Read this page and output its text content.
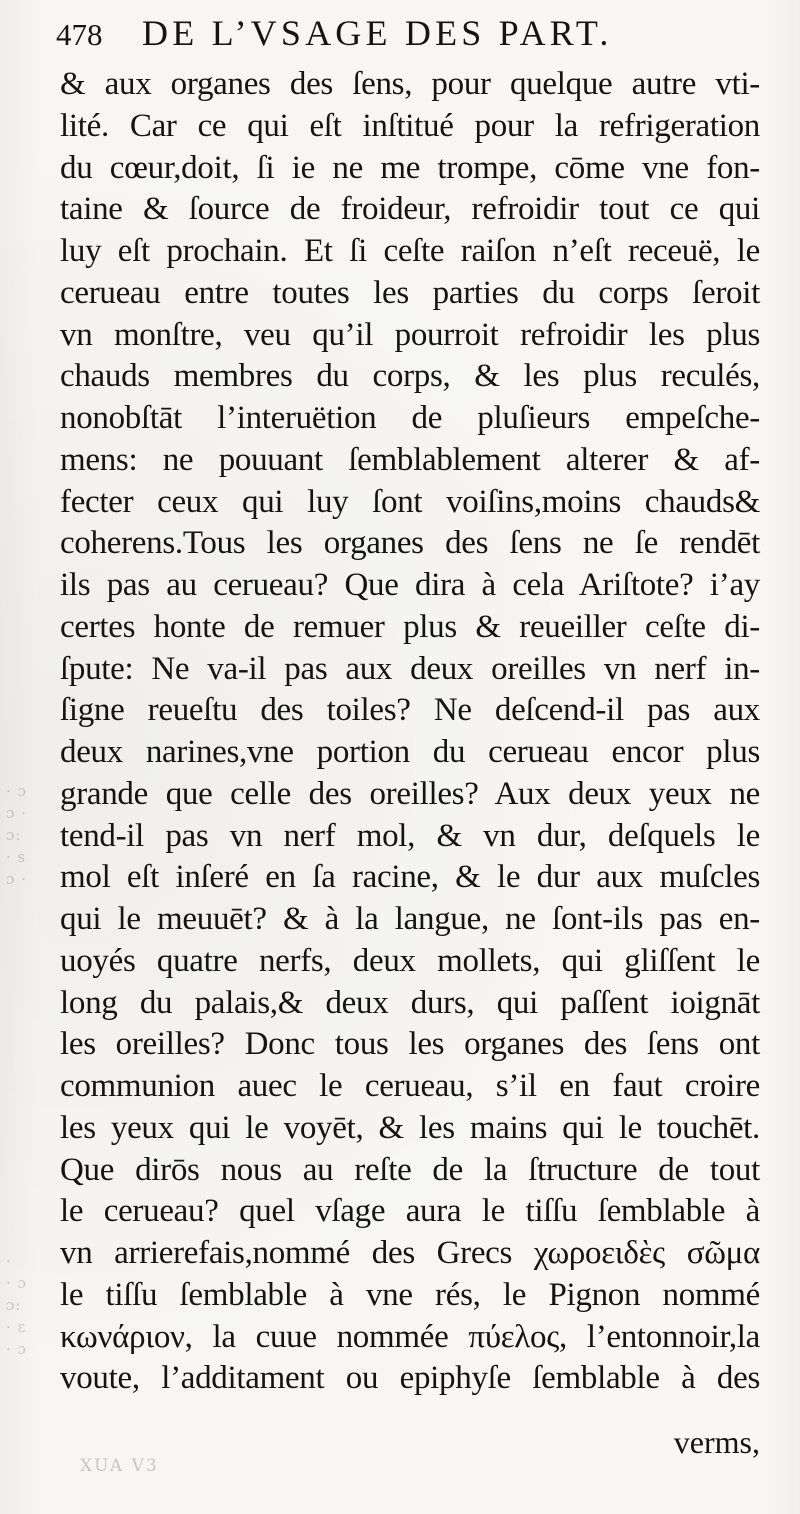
· ɔ
ɔ ·
ɔ:
· s
ɔ ·
·
· ɔ
ɔ:
· ε
· ɔ
478	DE L’VSAGE DES PART.
& aux organes des ſens, pour quelque autre vti-
lité. Car ce qui eſt inſtitué pour la refrigeration
du cœur,doit, ſi ie ne me trompe, cōme vne fon-
taine & ſource de froideur, refroidir tout ce qui
luy eſt prochain. Et ſi ceſte raiſon n’eſt receuë, le
cerueau entre toutes les parties du corps ſeroit
vn monſtre, veu qu’il pourroit refroidir les plus
chauds membres du corps, & les plus reculés,
nonobſtāt l’interuëtion de pluſieurs empeſche-
mens: ne pouuant ſemblablement alterer & af-
fecter ceux qui luy ſont voiſins,moins chauds&
coherens.Tous les organes des ſens ne ſe rendēt
ils pas au cerueau? Que dira à cela Ariſtote? i’ay
certes honte de remuer plus & reueiller ceſte di-
ſpute: Ne va-il pas aux deux oreilles vn nerf in-
ſigne reueſtu des toiles? Ne deſcend-il pas aux
deux narines,vne portion du cerueau encor plus
grande que celle des oreilles? Aux deux yeux ne
tend-il pas vn nerf mol, & vn dur, deſquels le
mol eſt inſeré en ſa racine, & le dur aux muſcles
qui le meuuēt? & à la langue, ne ſont-ils pas en-
uoyés quatre nerfs, deux mollets, qui gliſſent le
long du palais,& deux durs, qui paſſent ioignāt
les oreilles? Donc tous les organes des ſens ont
communion auec le cerueau, s’il en faut croire
les yeux qui le voyēt, & les mains qui le touchēt.
Que dirōs nous au reſte de la ſtructure de tout
le cerueau? quel vſage aura le tiſſu ſemblable à
vn arrierefais,nommé des Grecs χωροειδὲς σῶμα
le tiſſu ſemblable à vne rés, le Pignon nommé
κωνάριον, la cuue nommée πύελος, l’entonnoir,la
voute, l’additament ou epiphyſe ſemblable à des
verms,
XUA V3
